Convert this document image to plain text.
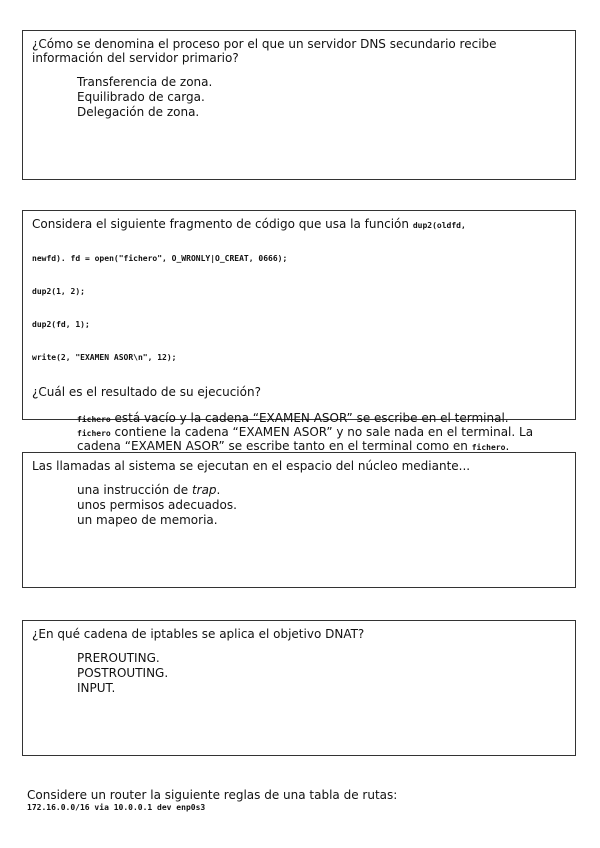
¿Cómo se denomina el proceso por el que un servidor DNS secundario recibe información del servidor primario?

Transferencia de zona.
Equilibrado de carga.
Delegación de zona.

Considera el siguiente fragmento de código que usa la función dup2(oldfd,

newfd). fd = open("fichero", O_WRONLY|O_CREAT, 0666);

dup2(1, 2);

dup2(fd, 1);

write(2, "EXAMEN ASOR\n", 12);

¿Cuál es el resultado de su ejecución?

fichero está vacío y la cadena “EXAMEN ASOR” se escribe en el terminal.
fichero contiene la cadena “EXAMEN ASOR” y no sale nada en el terminal. La cadena “EXAMEN ASOR” se escribe tanto en el terminal como en fichero.

Las llamadas al sistema se ejecutan en el espacio del núcleo mediante...

una instrucción de trap.
unos permisos adecuados.
un mapeo de memoria.

¿En qué cadena de iptables se aplica el objetivo DNAT?

PREROUTING.
POSTROUTING.
INPUT.
Considere un router la siguiente reglas de una tabla de rutas:
172.16.0.0/16 via 10.0.0.1 dev enp0s3
